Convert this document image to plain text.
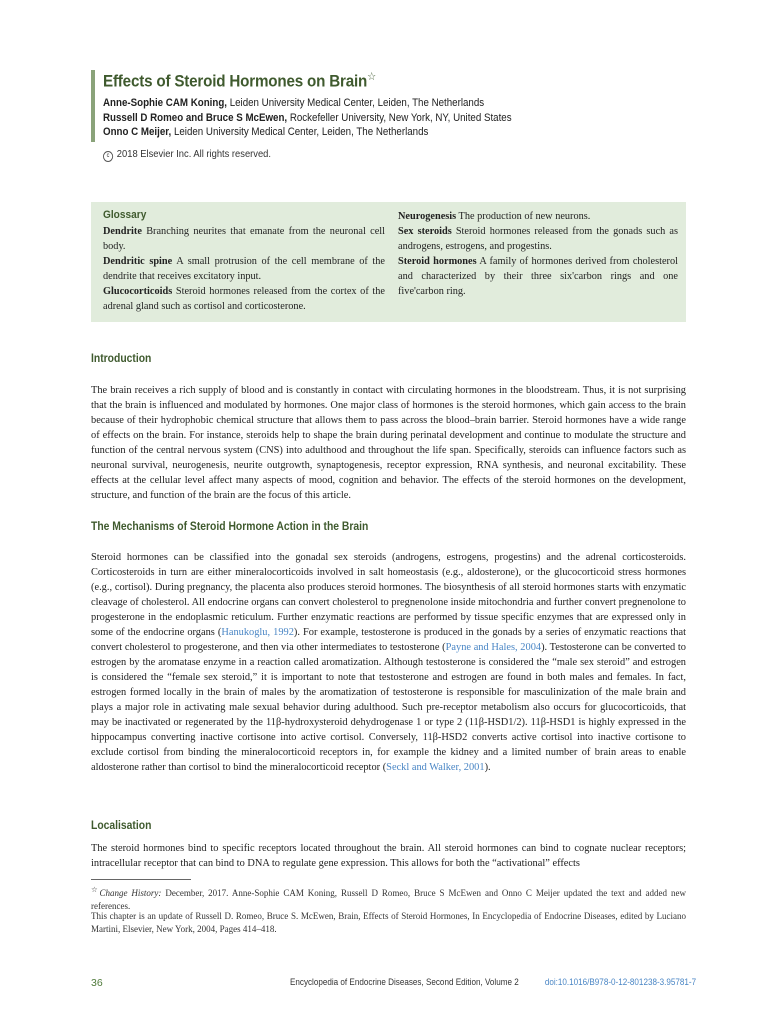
Effects of Steroid Hormones on Brain☆
Anne-Sophie CAM Koning, Leiden University Medical Center, Leiden, The Netherlands
Russell D Romeo and Bruce S McEwen, Rockefeller University, New York, NY, United States
Onno C Meijer, Leiden University Medical Center, Leiden, The Netherlands
c 2018 Elsevier Inc. All rights reserved.
Glossary

Dendrite Branching neurites that emanate from the neuronal cell body.

Dendritic spine A small protrusion of the cell membrane of the dendrite that receives excitatory input.

Glucocorticoids Steroid hormones released from the cortex of the adrenal gland such as cortisol and corticosterone.

Neurogenesis The production of new neurons.

Sex steroids Steroid hormones released from the gonads such as androgens, estrogens, and progestins.

Steroid hormones A family of hormones derived from cholesterol and characterized by their three six'carbon rings and one five'carbon ring.

Introduction

The brain receives a rich supply of blood and is constantly in contact with circulating hormones in the bloodstream. Thus, it is not surprising that the brain is influenced and modulated by hormones. One major class of hormones is the steroid hormones, which gain access to the brain because of their hydrophobic chemical structure that allows them to pass across the blood–brain barrier. Steroid hormones have a wide range of effects on the brain. For instance, steroids help to shape the brain during perinatal development and continue to modulate the structure and function of the central nervous system (CNS) into adulthood and throughout the life span. Specifically, steroids can influence factors such as neuronal survival, neurogenesis, neurite outgrowth, synaptogenesis, receptor expression, RNA synthesis, and neuronal excitability. These effects at the cellular level affect many aspects of mood, cognition and behavior. The effects of the steroid hormones on the development, structure, and function of the brain are the focus of this article.

The Mechanisms of Steroid Hormone Action in the Brain

Steroid hormones can be classified into the gonadal sex steroids (androgens, estrogens, progestins) and the adrenal corticosteroids. Corticosteroids in turn are either mineralocorticoids involved in salt homeostasis (e.g., aldosterone), or the glucocorticoid stress hormones (e.g., cortisol). During pregnancy, the placenta also produces steroid hormones. The biosynthesis of all steroid hormones starts with enzymatic cleavage of cholesterol. All endocrine organs can convert cholesterol to pregnenolone inside mitochondria and further convert pregnenolone to progesterone in the endoplasmic reticulum. Further enzymatic reactions are performed by tissue specific enzymes that are expressed only in some of the endocrine organs (Hanukoglu, 1992). For example, testosterone is produced in the gonads by a series of enzymatic reactions that convert cholesterol to progesterone, and then via other intermediates to testosterone (Payne and Hales, 2004). Testosterone can be converted to estrogen by the aromatase enzyme in a reaction called aromatization. Although testosterone is considered the “male sex steroid” and estrogen is considered the “female sex steroid,” it is important to note that testosterone and estrogen are found in both males and females. In fact, estrogen formed locally in the brain of males by the aromatization of testosterone is responsible for masculinization of the male brain and plays a major role in activating male sexual behavior during adulthood. Such pre-receptor metabolism also occurs for glucocorticoids, that may be inactivated or regenerated by the 11β-hydroxysteroid dehydrogenase 1 or type 2 (11β-HSD1/2). 11β-HSD1 is highly expressed in the hippocampus converting inactive cortisone into active cortisol. Conversely, 11β-HSD2 converts active cortisol into inactive cortisone to exclude cortisol from binding the mineralocorticoid receptors in, for example the kidney and a limited number of brain areas to enable aldosterone rather than cortisol to bind the mineralocorticoid receptor (Seckl and Walker, 2001).

Localisation

The steroid hormones bind to specific receptors located throughout the brain. All steroid hormones can bind to cognate nuclear receptors; intracellular receptor that can bind to DNA to regulate gene expression. This allows for both the “activational” effects

☆Change History: December, 2017. Anne-Sophie CAM Koning, Russell D Romeo, Bruce S McEwen and Onno C Meijer updated the text and added new references.

This chapter is an update of Russell D. Romeo, Bruce S. McEwen, Brain, Effects of Steroid Hormones, In Encyclopedia of Endocrine Diseases, edited by Luciano Martini, Elsevier, New York, 2004, Pages 414–418.

36	Encyclopedia of Endocrine Diseases, Second Edition, Volume 2	doi:10.1016/B978-0-12-801238-3.95781-7
